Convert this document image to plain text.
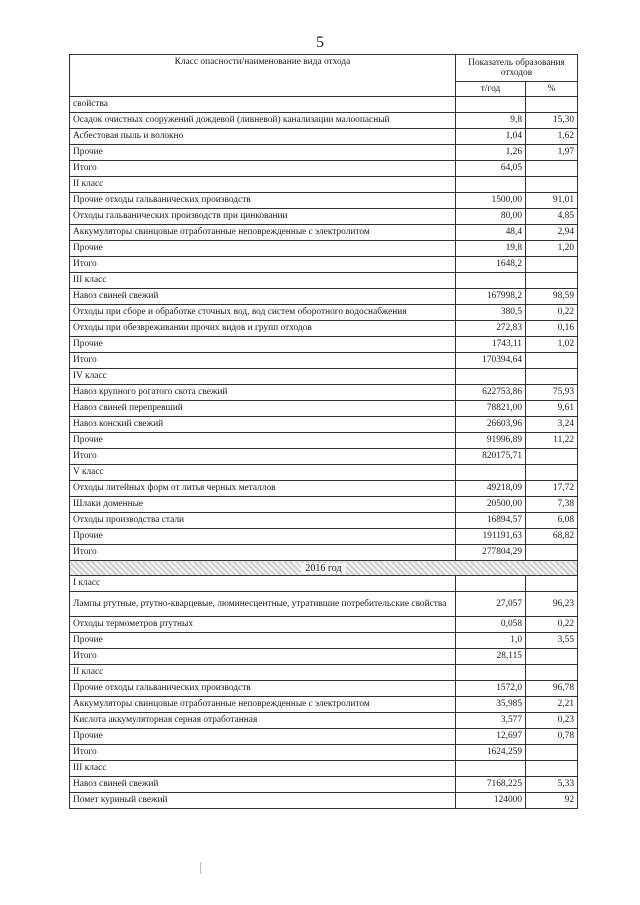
5
Класс опасности/наименование вида отхода	Показатель образования отходов	
	т/год	%
свойства		
Осадок очистных сооружений дождевой (ливневой) канализации малоопасный	9,8	15,30
Асбестовая пыль и волокно	1,04	1,62
Прочие	1,26	1,97
Итого	64,05	
II класс		
Прочие отходы гальванических производств	1500,00	91,01
Отходы гальванических производств при цинковании	80,00	4,85
Аккумуляторы свинцовые отработанные неповрежденные с электролитом	48,4	2,94
Прочие	19,8	1,20
Итого	1648,2	
III класс		
Навоз свиней свежий	167998,2	98,59
Отходы при сборе и обработке сточных вод, вод систем оборотного водоснабжения	380,5	0,22
Отходы при обезвреживании прочих видов и групп отходов	272,83	0,16
Прочие	1743,11	1,02
Итого	170394,64	
IV класс		
Навоз крупного рогатого скота свежий	622753,86	75,93
Навоз свиней перепревший	78821,00	9,61
Навоз конский свежий	26603,96	3,24
Прочие	91996,89	11,22
Итого	820175,71	
V класс		
Отходы литейных форм от литья черных металлов	49218,09	17,72
Шлаки доменные	20500,00	7,38
Отходы производства стали	16894,57	6,08
Прочие	191191,63	68,82
Итого	277804,29	
2016 год		
I класс		
Лампы ртутные, ртутно-кварцевые, люминесцентные, утратившие потребительские свойства	27,057	96,23
Отходы термометров ртутных	0,058	0,22
Прочие	1,0	3,55
Итого	28,115	
II класс		
Прочие отходы гальванических производств	1572,0	96,78
Аккумуляторы свинцовые отработанные неповрежденные с электролитом	35,985	2,21
Кислота аккумуляторная серная отработанная	3,577	0,23
Прочие	12,697	0,78
Итого	1624,259	
III класс		
Навоз свиней свежий	7168,225	5,33
Помет куриный свежий	124000	92
